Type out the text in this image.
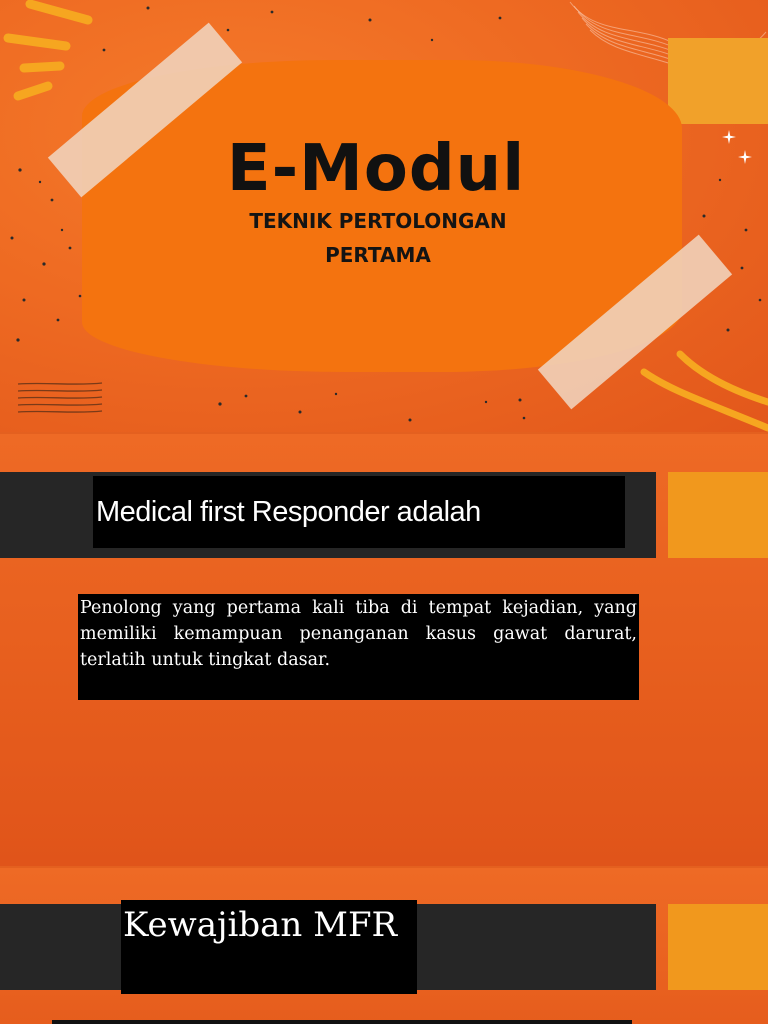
E-Modul
TEKNIK PERTOLONGAN PERTAMA
Medical first Responder adalah
Penolong yang pertama kali tiba di tempat kejadian, yang memiliki kemampuan penanganan kasus gawat darurat, terlatih untuk tingkat dasar.
Kewajiban MFR
